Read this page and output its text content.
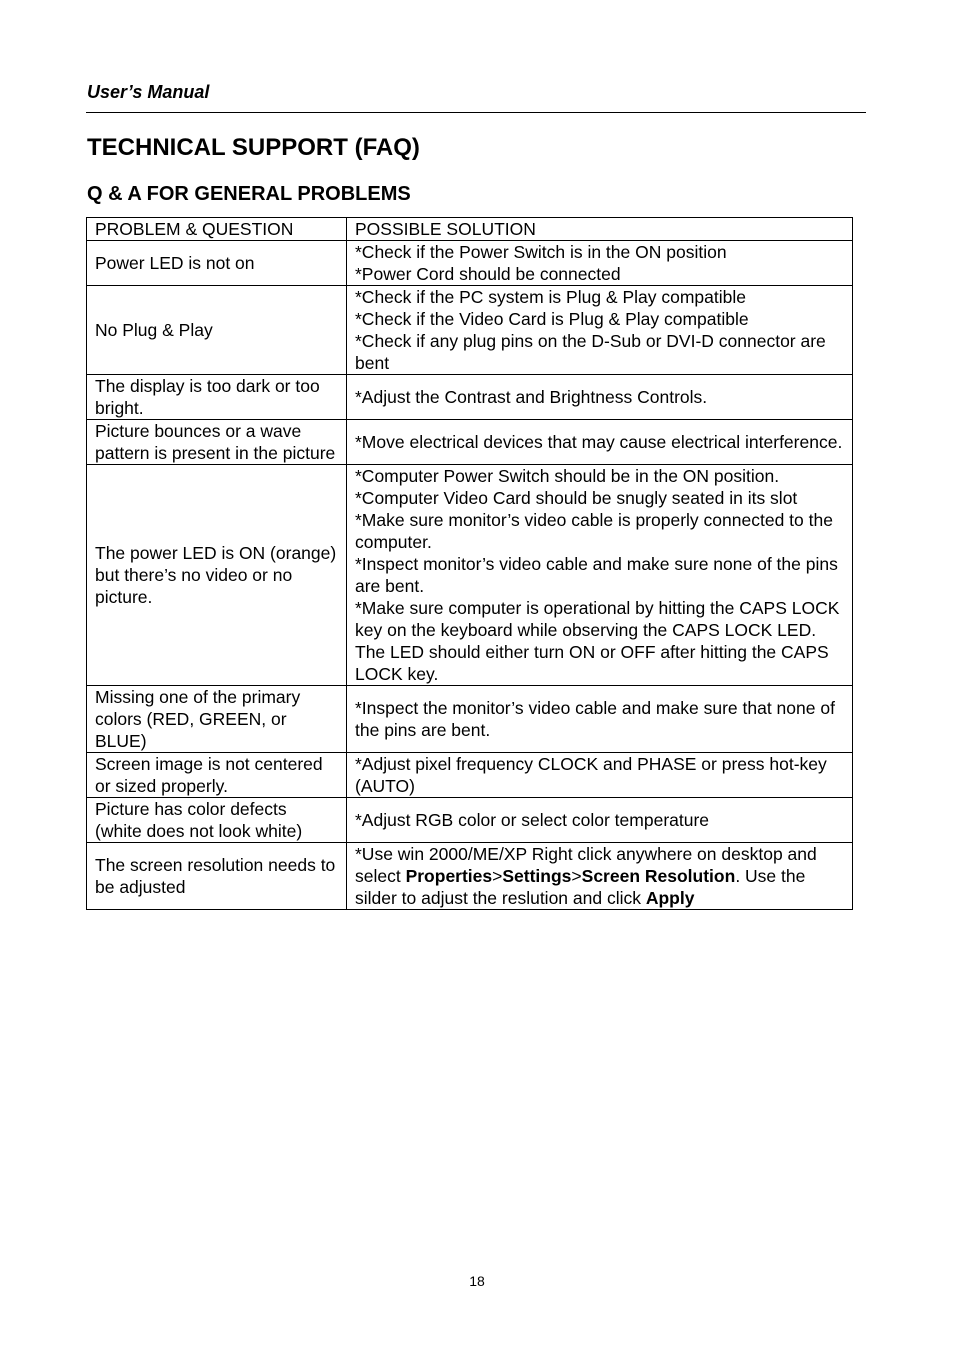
User’s Manual
TECHNICAL SUPPORT (FAQ)
Q & A FOR GENERAL PROBLEMS
PROBLEM & QUESTION	POSSIBLE SOLUTION

Power LED is not on	*Check if the Power Switch is in the ON position
*Power Cord should be connected

No Plug & Play	*Check if the PC system is Plug & Play compatible
*Check if the Video Card is Plug & Play compatible
*Check if any plug pins on the D-Sub or DVI-D connector are bent

The display is too dark or too bright.	*Adjust the Contrast and Brightness Controls.

Picture bounces or a wave pattern is present in the picture	*Move electrical devices that may cause electrical interference.

The power LED is ON (orange) but there’s no video or no picture.	*Computer Power Switch should be in the ON position.
*Computer Video Card should be snugly seated in its slot
*Make sure monitor’s video cable is properly connected to the computer.
*Inspect monitor’s video cable and make sure none of the pins are bent.
*Make sure computer is operational by hitting the CAPS LOCK key on the keyboard while observing the CAPS LOCK LED. The LED should either turn ON or OFF after hitting the CAPS LOCK key.

Missing one of the primary colors (RED, GREEN, or BLUE)	*Inspect the monitor’s video cable and make sure that none of the pins are bent.

Screen image is not centered or sized properly.	*Adjust pixel frequency CLOCK and PHASE or press hot-key (AUTO)

Picture has color defects (white does not look white)	*Adjust RGB color or select color temperature

The screen resolution needs to be adjusted	*Use win 2000/ME/XP Right click anywhere on desktop and select Properties>Settings>Screen Resolution. Use the silder to adjust the reslution and click Apply
18
